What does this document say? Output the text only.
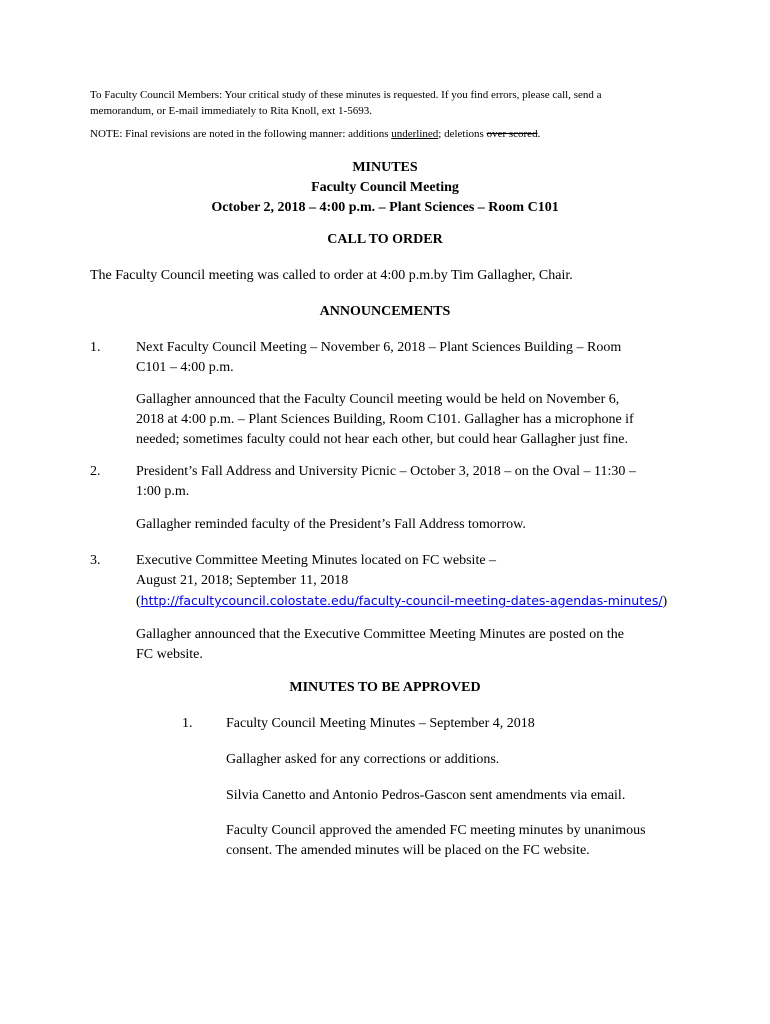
To Faculty Council Members: Your critical study of these minutes is requested. If you find errors, please call, send a
memorandum, or E-mail immediately to Rita Knoll, ext 1-5693.
NOTE: Final revisions are noted in the following manner: additions underlined; deletions over scored.
MINUTES
Faculty Council Meeting
October 2, 2018 – 4:00 p.m. – Plant Sciences – Room C101
CALL TO ORDER
The Faculty Council meeting was called to order at 4:00 p.m.by Tim Gallagher, Chair.
ANNOUNCEMENTS
1.	Next Faculty Council Meeting – November 6, 2018 – Plant Sciences Building – Room
C101 – 4:00 p.m.
Gallagher announced that the Faculty Council meeting would be held on November 6,
2018 at 4:00 p.m. – Plant Sciences Building, Room C101. Gallagher has a microphone if
needed; sometimes faculty could not hear each other, but could hear Gallagher just fine.
2.	President’s Fall Address and University Picnic – October 3, 2018 – on the Oval – 11:30 –
1:00 p.m.
Gallagher reminded faculty of the President’s Fall Address tomorrow.
3.	Executive Committee Meeting Minutes located on FC website –
August 21, 2018; September 11, 2018
(http://facultycouncil.colostate.edu/faculty-council-meeting-dates-agendas-minutes/)
Gallagher announced that the Executive Committee Meeting Minutes are posted on the
FC website.
MINUTES TO BE APPROVED
1. Faculty Council Meeting Minutes – September 4, 2018
Gallagher asked for any corrections or additions.
Silvia Canetto and Antonio Pedros-Gascon sent amendments via email.
Faculty Council approved the amended FC meeting minutes by unanimous
consent. The amended minutes will be placed on the FC website.
